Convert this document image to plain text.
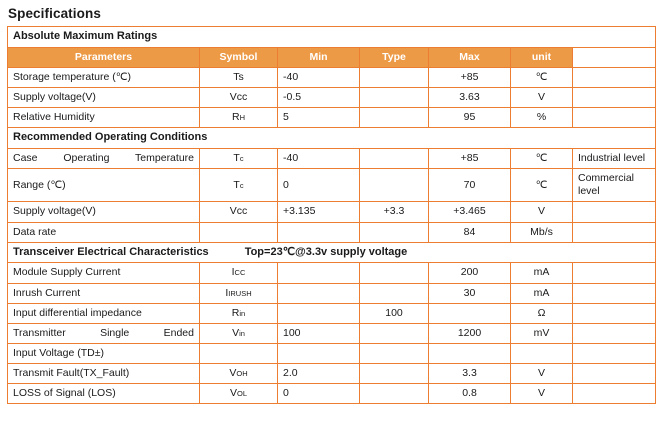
Specifications
Absolute Maximum Ratings						
Parameters	Symbol	Min	Type	Max	unit	
Storage temperature (℃)	Ts	-40		+85	℃	
Supply voltage(V)	Vcc	-0.5		3.63	V	
Relative Humidity	RH	5		95	%	
Recommended Operating Conditions						
Case Operating Temperature	Tc	-40		+85	℃	Industrial level
Range (℃)	Tc	0		70	℃	Commercial level
Supply voltage(V)	Vcc	+3.135	+3.3	+3.465	V	
Data rate				84	Mb/s	
Transceiver Electrical Characteristics Top=23℃@3.3v supply voltage						
Module Supply Current	ICC			200	mA	
Inrush Current	IIRUSH			30	mA	
Input differential impedance	Rin		100		Ω	
Transmitter Single Ended	Vin	100		1200	mV	
Input Voltage (TD±)						
Transmit Fault(TX_Fault)	VOH	2.0		3.3	V	
LOSS of Signal (LOS)	VOL	0		0.8	V	
